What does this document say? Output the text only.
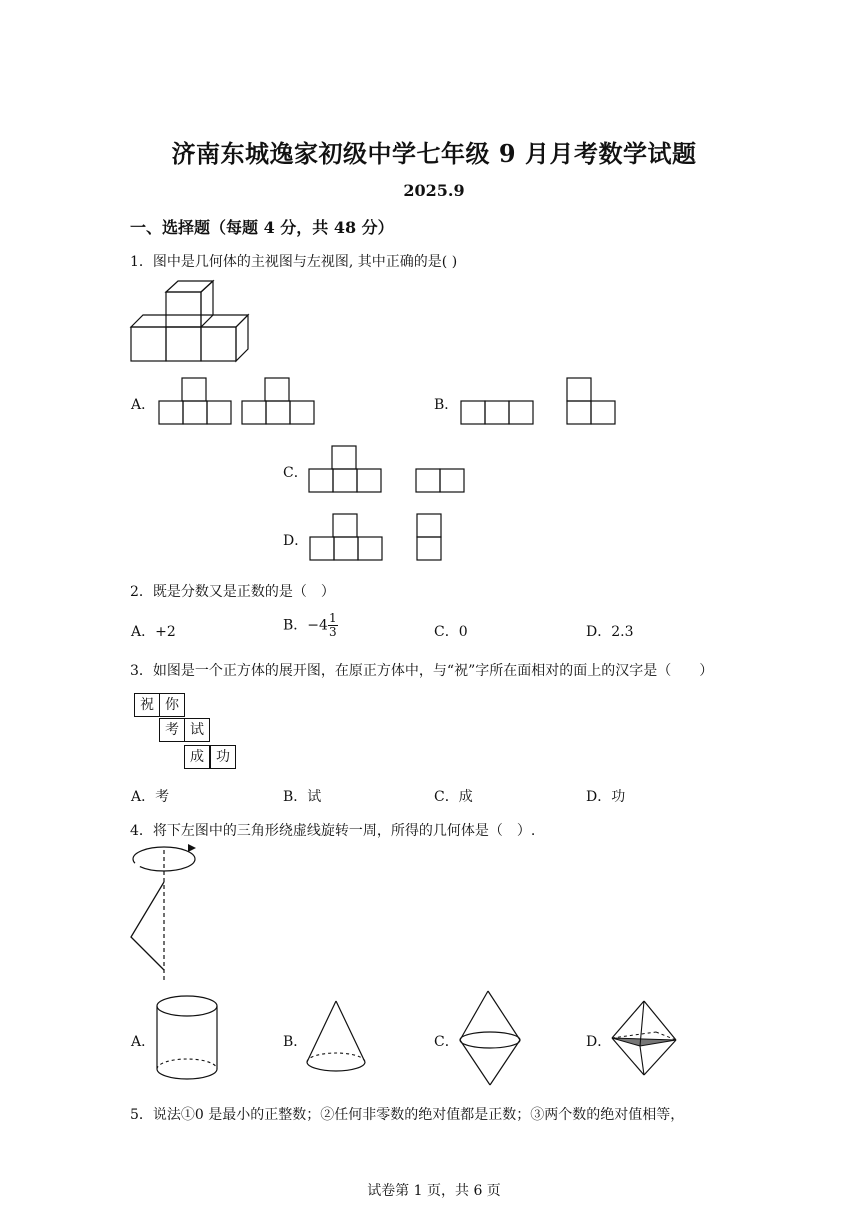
济南东城逸家初级中学七年级 9 月月考数学试题
2025.9
一、选择题（每题 4 分，共 48 分）
1．图中是几何体的主视图与左视图, 其中正确的是( )
A．	B．
C．
D．
2．既是分数又是正数的是（　）
A．+2	B．$-4 \frac{1}{3}$	C．0	D．2.3
3．如图是一个正方体的展开图，在原正方体中，与“祝”字所在面相对的面上的汉字是（　　）
祝 你
考 试
成 功
A．考	B．试	C．成	D．功
4．将下左图中的三角形绕虚线旋转一周，所得的几何体是（　）.
A．	B．	C．	D．
5．说法①0 是最小的正整数；②任何非零数的绝对值都是正数；③两个数的绝对值相等，
试卷第 1 页，共 6 页
